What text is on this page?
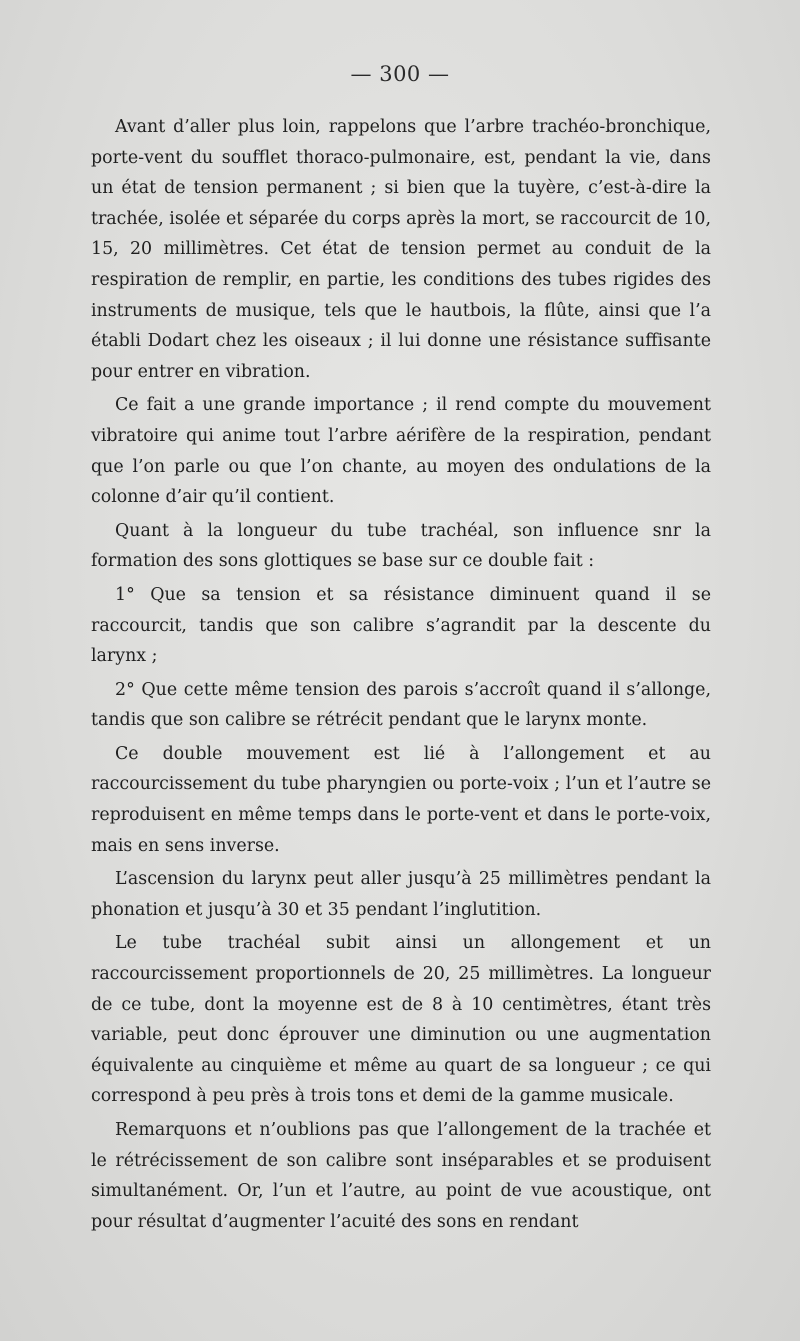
— 300 —

Avant d’aller plus loin, rappelons que l’arbre trachéo-bronchique, porte-vent du soufflet thoraco-pulmonaire, est, pendant la vie, dans un état de tension permanent ; si bien que la tuyère, c’est-à-dire la trachée, isolée et séparée du corps après la mort, se raccourcit de 10, 15, 20 millimètres. Cet état de tension permet au conduit de la respiration de remplir, en partie, les conditions des tubes rigides des instruments de musique, tels que le hautbois, la flûte, ainsi que l’a établi Dodart chez les oiseaux ; il lui donne une résistance suffisante pour entrer en vibration.

Ce fait a une grande importance ; il rend compte du mouvement vibratoire qui anime tout l’arbre aérifère de la respiration, pendant que l’on parle ou que l’on chante, au moyen des ondulations de la colonne d’air qu’il contient.

Quant à la longueur du tube trachéal, son influence snr la formation des sons glottiques se base sur ce double fait :

1° Que sa tension et sa résistance diminuent quand il se raccourcit, tandis que son calibre s’agrandit par la descente du larynx ;

2° Que cette même tension des parois s’accroît quand il s’allonge, tandis que son calibre se rétrécit pendant que le larynx monte.

Ce double mouvement est lié à l’allongement et au raccourcissement du tube pharyngien ou porte-voix ; l’un et l’autre se reproduisent en même temps dans le porte-vent et dans le porte-voix, mais en sens inverse.

L’ascension du larynx peut aller jusqu’à 25 millimètres pendant la phonation et jusqu’à 30 et 35 pendant l’inglutition.

Le tube trachéal subit ainsi un allongement et un raccourcissement proportionnels de 20, 25 millimètres. La longueur de ce tube, dont la moyenne est de 8 à 10 centimètres, étant très variable, peut donc éprouver une diminution ou une augmentation équivalente au cinquième et même au quart de sa longueur ; ce qui correspond à peu près à trois tons et demi de la gamme musicale.

Remarquons et n’oublions pas que l’allongement de la trachée et le rétrécissement de son calibre sont inséparables et se produisent simultanément. Or, l’un et l’autre, au point de vue acoustique, ont pour résultat d’augmenter l’acuité des sons en rendant
